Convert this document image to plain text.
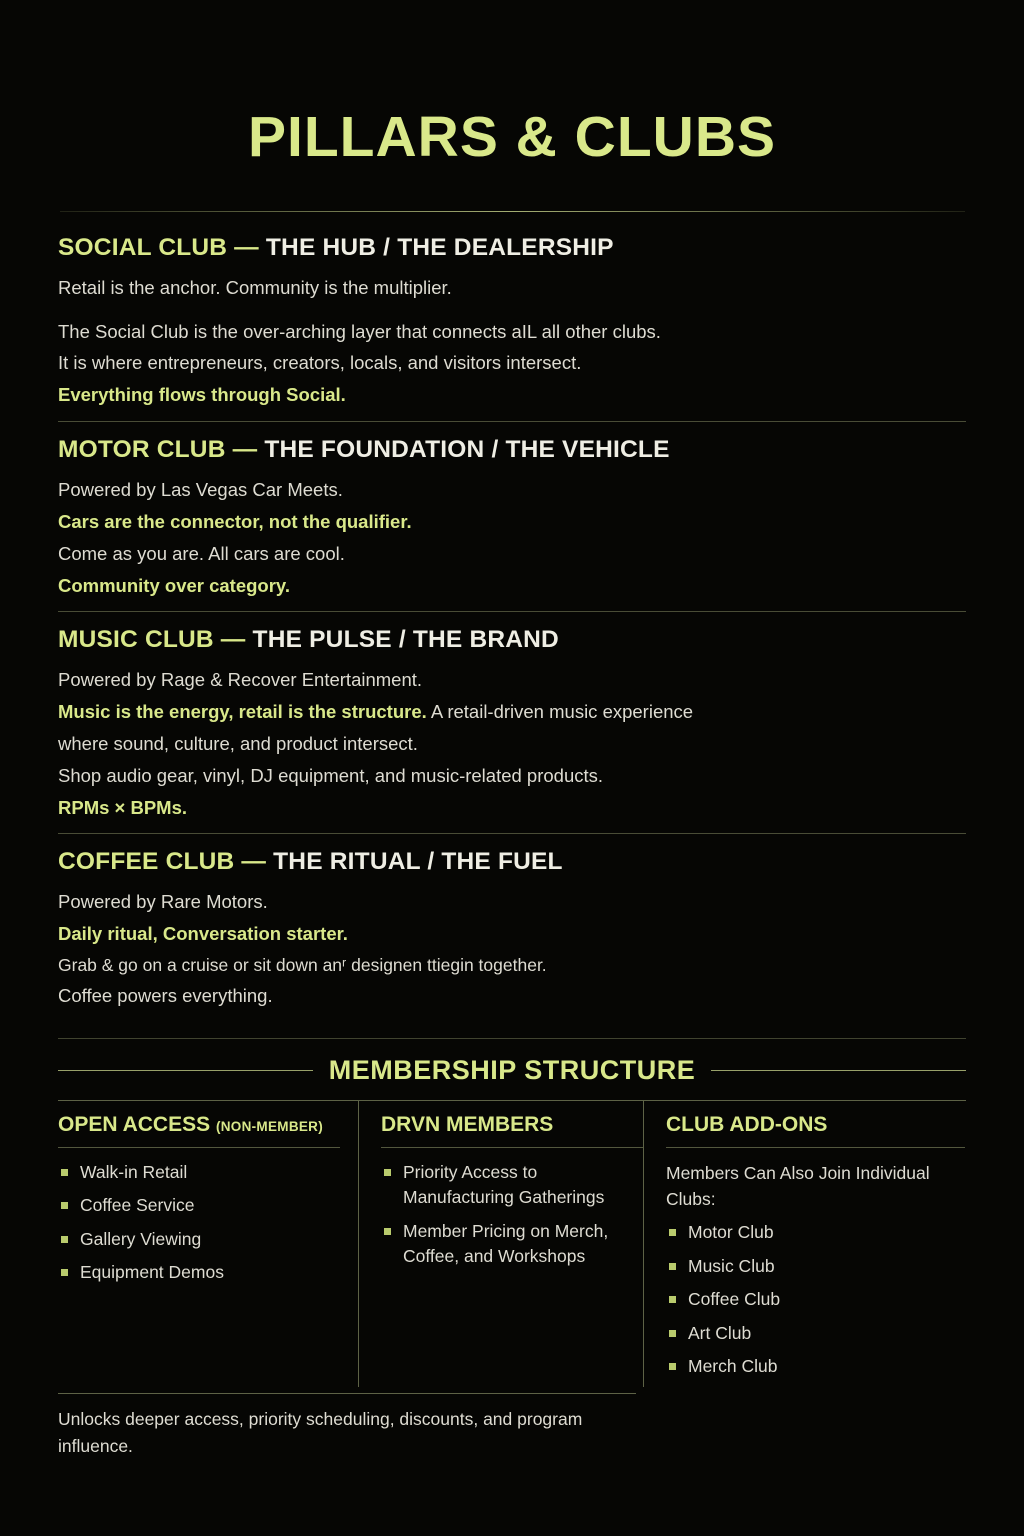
PILLARS & CLUBS
SOCIAL CLUB — THE HUB / THE DEALERSHIP

Retail is the anchor. Community is the multiplier.

The Social Club is the over-arching layer that connects aIL all other clubs.

It is where entrepreneurs, creators, locals, and visitors intersect.

Everything flows through Social.

MOTOR CLUB — THE FOUNDATION / THE VEHICLE

Powered by Las Vegas Car Meets.

Cars are the connector, not the qualifier.

Come as you are. All cars are cool.

Community over category.

MUSIC CLUB — THE PULSE / THE BRAND

Powered by Rage & Recover Entertainment.

Music is the energy, retail is the structure. A retail-driven music experience

where sound, culture, and product intersect.

Shop audio gear, vinyl, DJ equipment, and music-related products.

RPMs × BPMs.

COFFEE CLUB — THE RITUAL / THE FUEL

Powered by Rare Motors.

Daily ritual, Conversation starter.

Grab & go on a cruise or sit down anʳ designen ttiegin together.

Coffee powers everything.

MEMBERSHIP STRUCTURE
OPEN ACCESS (NON-MEMBER)
Walk-in Retail
Coffee Service
Gallery Viewing
Equipment Demos
DRVN MEMBERS
Priority Access to Manufacturing Gatherings
Member Pricing on Merch, Coffee, and Workshops
CLUB ADD-ONS
Members Can Also Join Individual Clubs:
Motor Club
Music Club
Coffee Club
Art Club
Merch Club
Unlocks deeper access, priority scheduling, discounts, and program influence.
